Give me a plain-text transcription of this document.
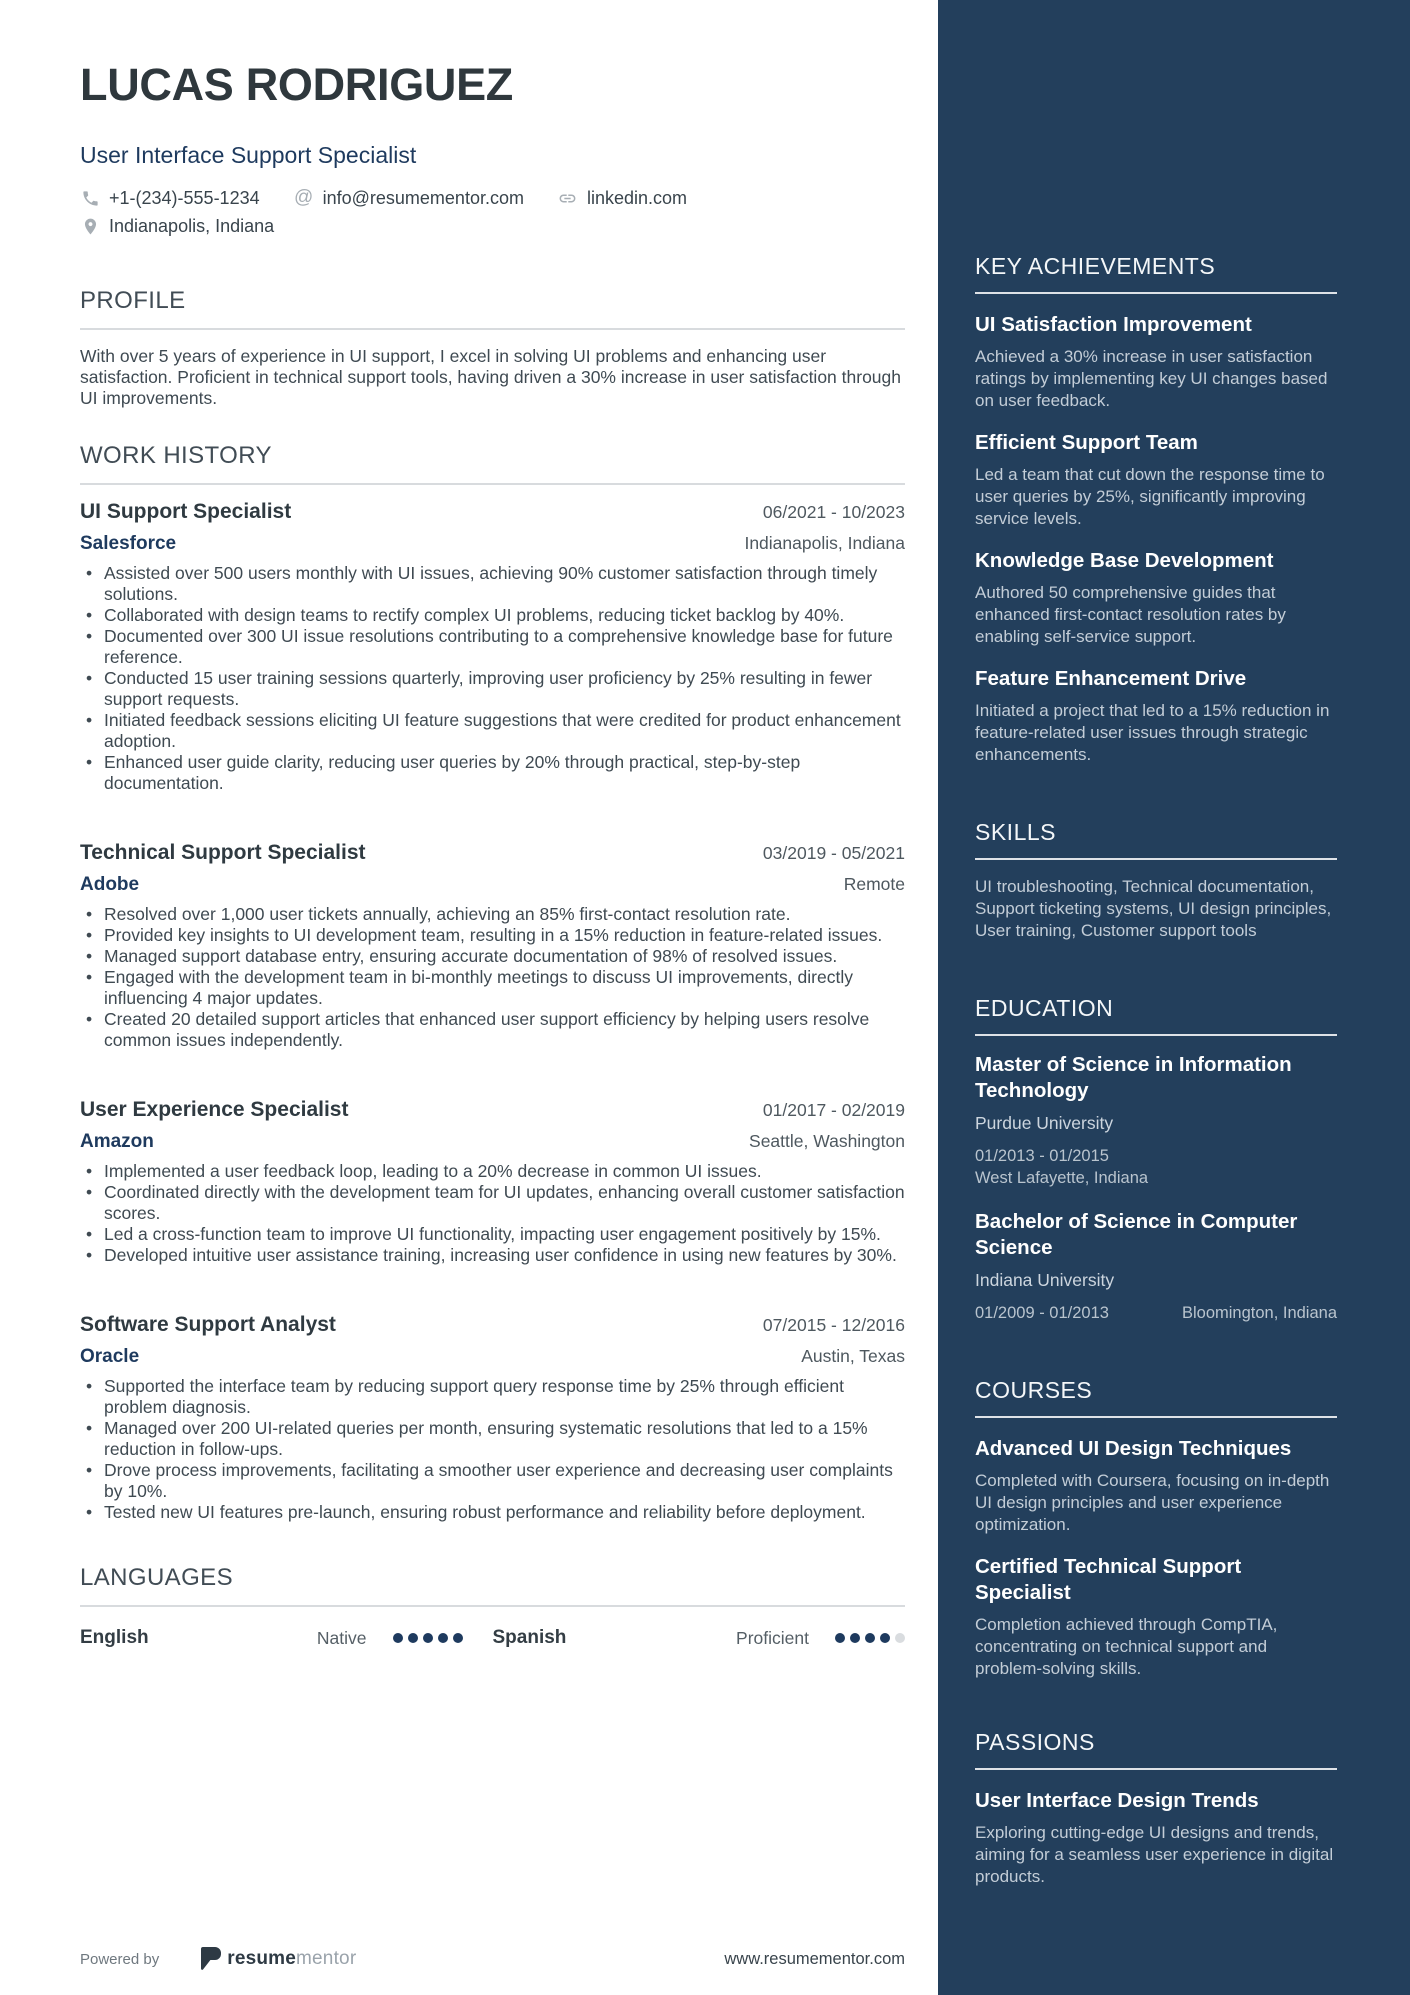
LUCAS RODRIGUEZ
User Interface Support Specialist
+1-(234)-555-1234 @ info@resumementor.com	linkedin.com
Indianapolis, Indiana
PROFILE
With over 5 years of experience in UI support, I excel in solving UI problems and enhancing user satisfaction. Proficient in technical support tools, having driven a 30% increase in user satisfaction through UI improvements.
WORK HISTORY
UI Support Specialist	06/2021 - 10/2023
Salesforce	Indianapolis, Indiana
• Assisted over 500 users monthly with UI issues, achieving 90% customer satisfaction through timely solutions.
• Collaborated with design teams to rectify complex UI problems, reducing ticket backlog by 40%.
• Documented over 300 UI issue resolutions contributing to a comprehensive knowledge base for future reference.
• Conducted 15 user training sessions quarterly, improving user proficiency by 25% resulting in fewer support requests.
• Initiated feedback sessions eliciting UI feature suggestions that were credited for product enhancement adoption.
• Enhanced user guide clarity, reducing user queries by 20% through practical, step-by-step documentation.
Technical Support Specialist	03/2019 - 05/2021
Adobe	Remote
• Resolved over 1,000 user tickets annually, achieving an 85% first-contact resolution rate.
• Provided key insights to UI development team, resulting in a 15% reduction in feature-related issues.
• Managed support database entry, ensuring accurate documentation of 98% of resolved issues.
• Engaged with the development team in bi-monthly meetings to discuss UI improvements, directly influencing 4 major updates.
• Created 20 detailed support articles that enhanced user support efficiency by helping users resolve common issues independently.
User Experience Specialist	01/2017 - 02/2019
Amazon	Seattle, Washington
• Implemented a user feedback loop, leading to a 20% decrease in common UI issues.
• Coordinated directly with the development team for UI updates, enhancing overall customer satisfaction scores.
• Led a cross-function team to improve UI functionality, impacting user engagement positively by 15%.
• Developed intuitive user assistance training, increasing user confidence in using new features by 30%.
Software Support Analyst	07/2015 - 12/2016
Oracle	Austin, Texas
• Supported the interface team by reducing support query response time by 25% through efficient problem diagnosis.
• Managed over 200 UI-related queries per month, ensuring systematic resolutions that led to a 15% reduction in follow-ups.
• Drove process improvements, facilitating a smoother user experience and decreasing user complaints by 10%.
• Tested new UI features pre-launch, ensuring robust performance and reliability before deployment.
LANGUAGES
English	Native	Spanish	Proficient
Powered by	resumementor	www.resumementor.com
KEY ACHIEVEMENTS
UI Satisfaction Improvement
Achieved a 30% increase in user satisfaction ratings by implementing key UI changes based on user feedback.
Efficient Support Team
Led a team that cut down the response time to user queries by 25%, significantly improving service levels.
Knowledge Base Development
Authored 50 comprehensive guides that enhanced first-contact resolution rates by enabling self-service support.
Feature Enhancement Drive
Initiated a project that led to a 15% reduction in feature-related user issues through strategic enhancements.
SKILLS
UI troubleshooting, Technical documentation, Support ticketing systems, UI design principles, User training, Customer support tools
EDUCATION
Master of Science in Information Technology
Purdue University
01/2013 - 01/2015
West Lafayette, Indiana
Bachelor of Science in Computer Science
Indiana University
01/2009 - 01/2013	Bloomington, Indiana
COURSES
Advanced UI Design Techniques
Completed with Coursera, focusing on in-depth UI design principles and user experience optimization.
Certified Technical Support Specialist
Completion achieved through CompTIA, concentrating on technical support and problem-solving skills.
PASSIONS
User Interface Design Trends
Exploring cutting-edge UI designs and trends, aiming for a seamless user experience in digital products.
